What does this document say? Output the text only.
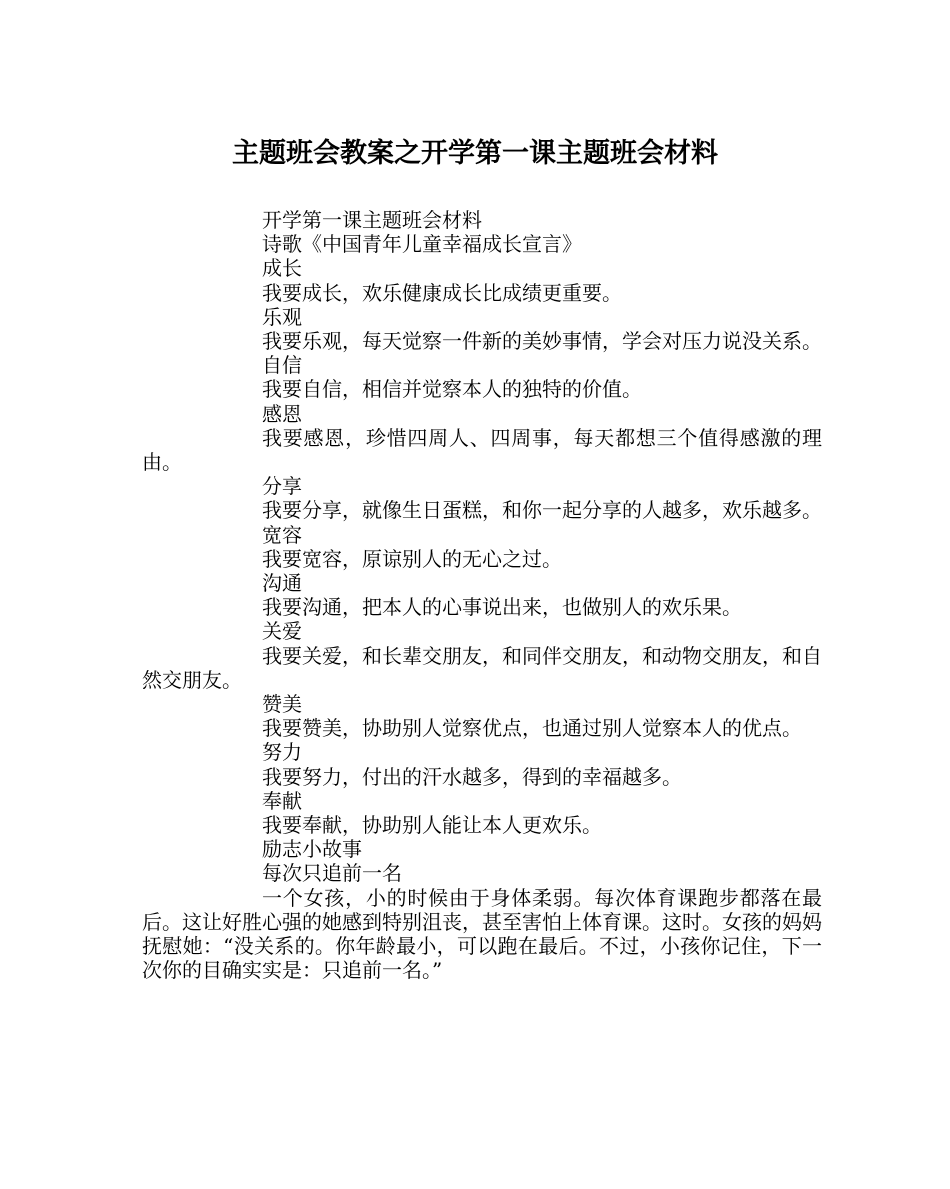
主题班会教案之开学第一课主题班会材料

开学第一课主题班会材料

诗歌《中国青年儿童幸福成长宣言》

成长

我要成长，欢乐健康成长比成绩更重要。

乐观

我要乐观，每天觉察一件新的美妙事情，学会对压力说没关系。

自信

我要自信，相信并觉察本人的独特的价值。

感恩

我要感恩，珍惜四周人、四周事，每天都想三个值得感激的理由。

分享

我要分享，就像生日蛋糕，和你一起分享的人越多，欢乐越多。

宽容

我要宽容，原谅别人的无心之过。

沟通

我要沟通，把本人的心事说出来，也做别人的欢乐果。

关爱

我要关爱，和长辈交朋友，和同伴交朋友，和动物交朋友，和自然交朋友。

赞美

我要赞美，协助别人觉察优点，也通过别人觉察本人的优点。

努力

我要努力，付出的汗水越多，得到的幸福越多。

奉献

我要奉献，协助别人能让本人更欢乐。

励志小故事

每次只追前一名

一个女孩，小的时候由于身体柔弱。每次体育课跑步都落在最后。这让好胜心强的她感到特别沮丧，甚至害怕上体育课。这时。女孩的妈妈抚慰她：“没关系的。你年龄最小，可以跑在最后。不过，小孩你记住，下一次你的目确实实是：只追前一名。”
